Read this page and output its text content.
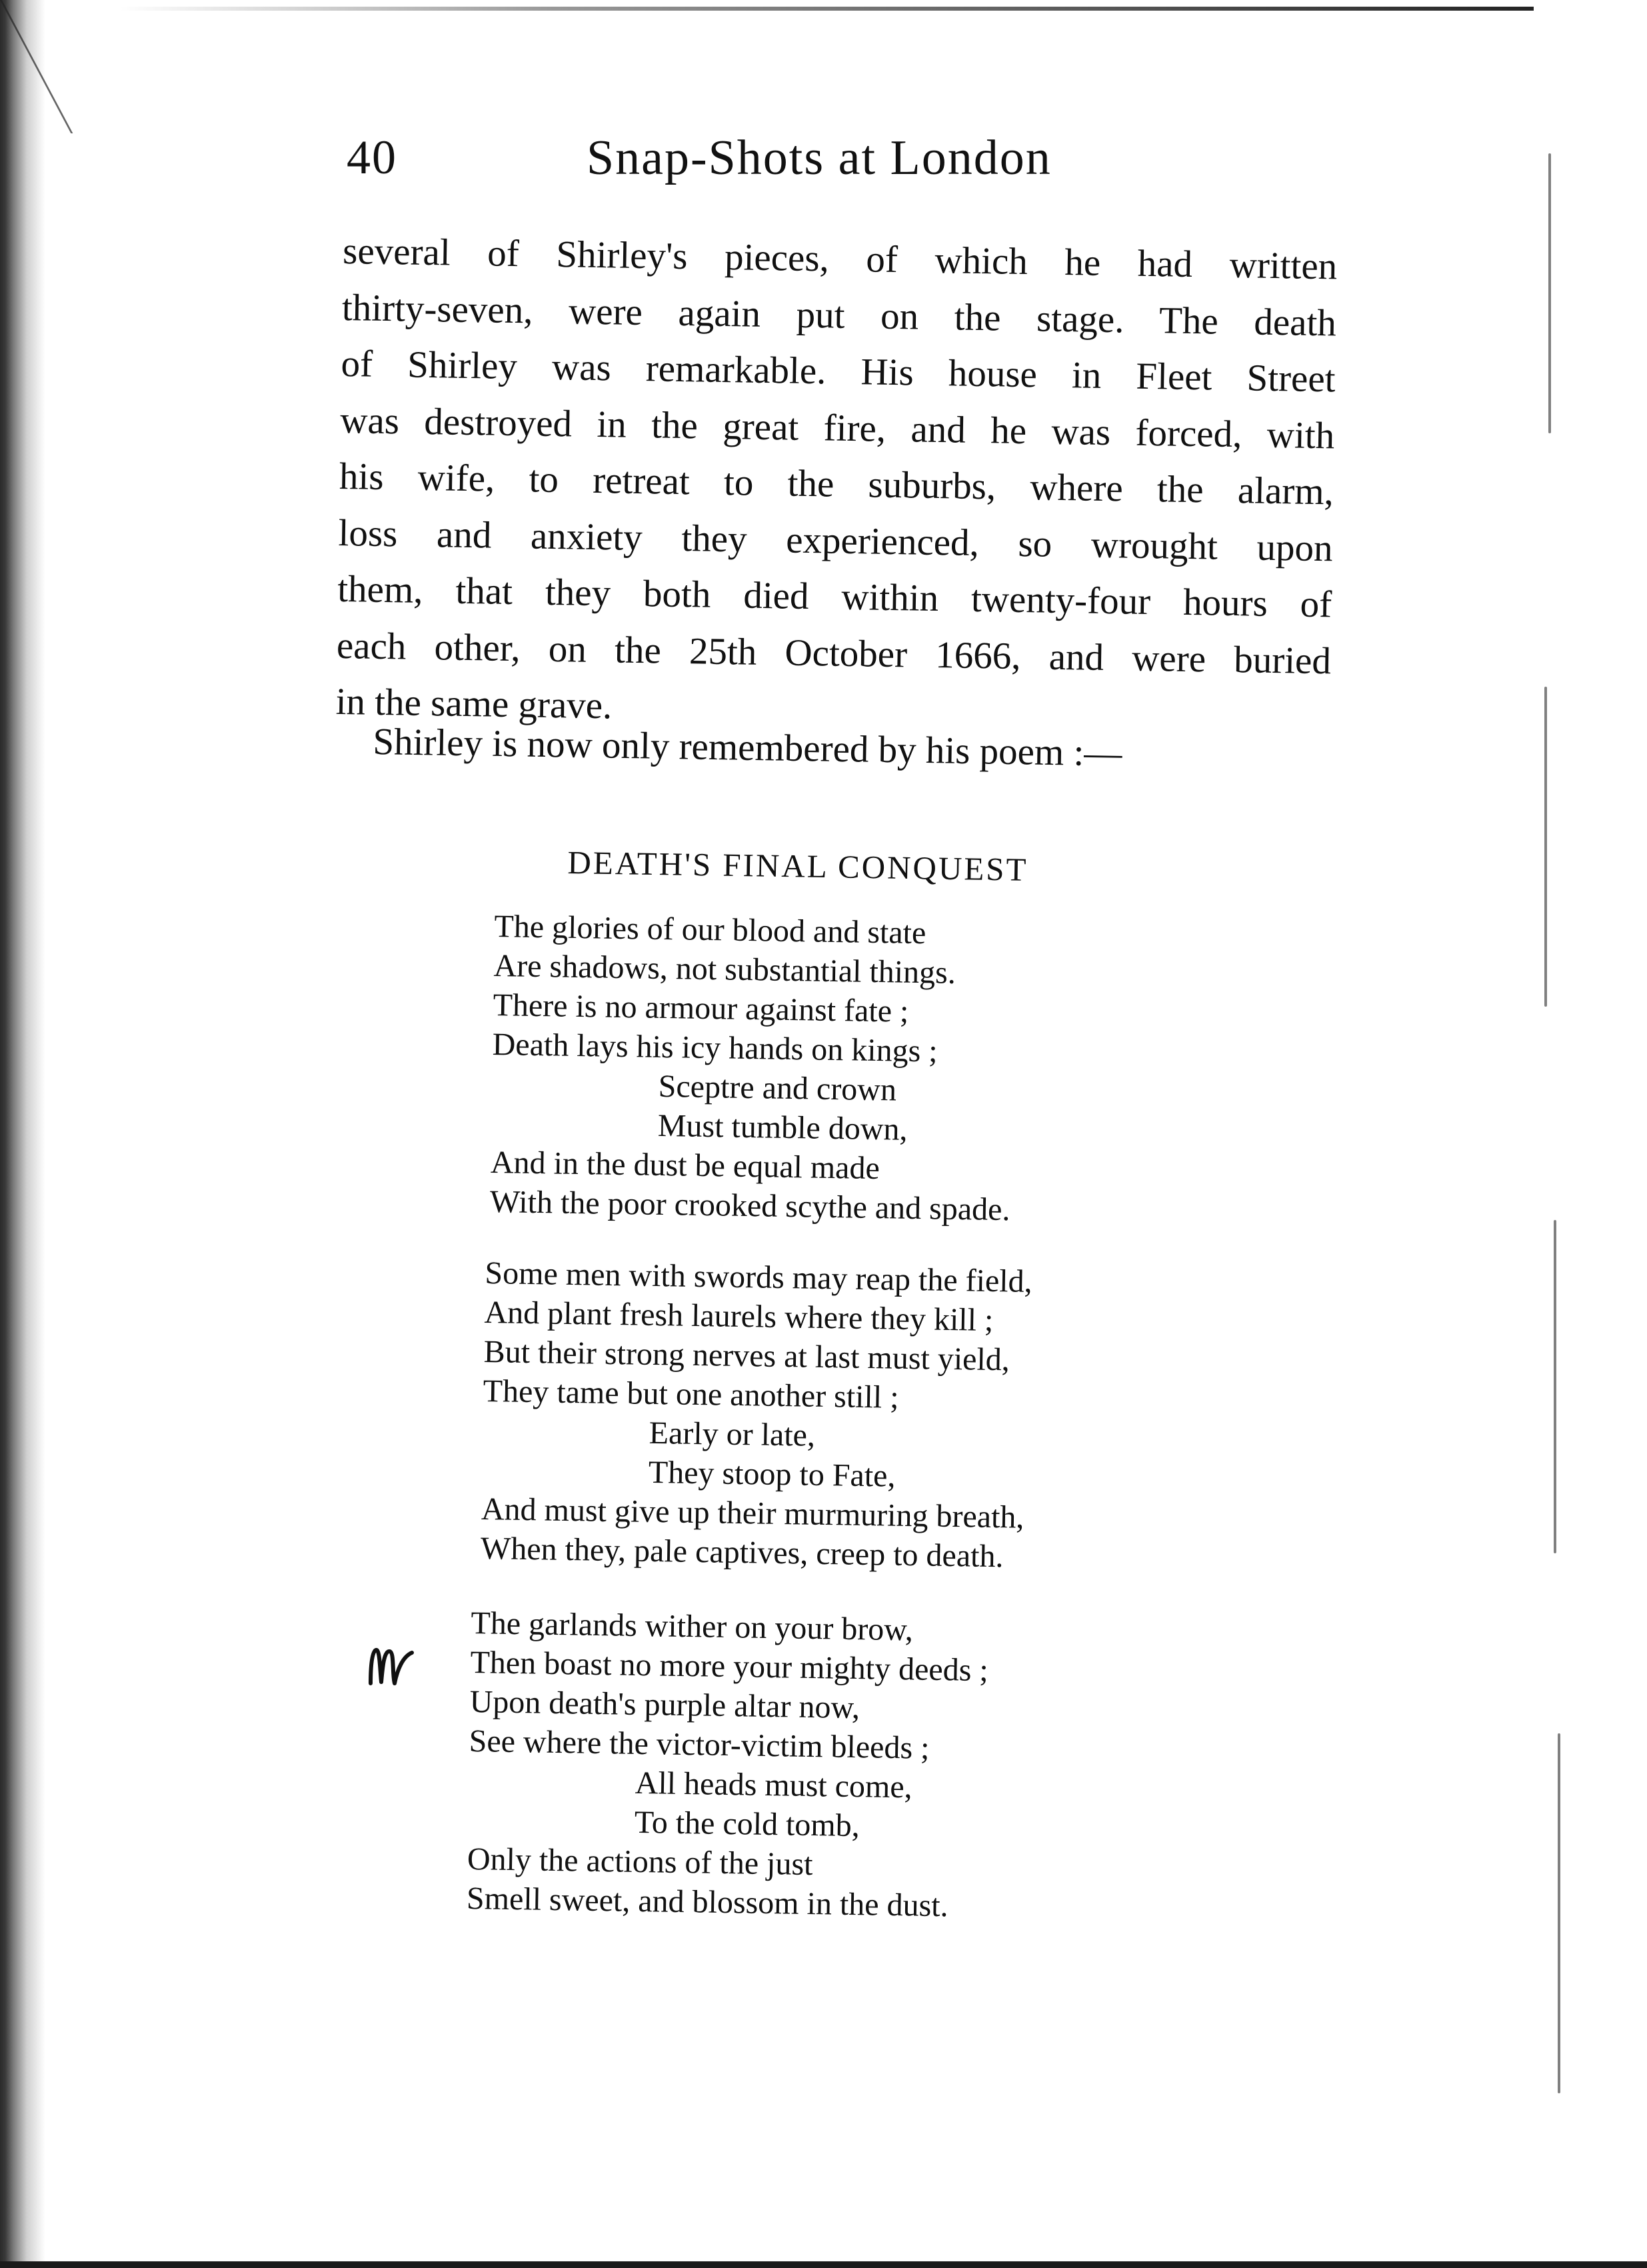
40	Snap-Shots at London
several of Shirley's pieces, of which he had written
thirty-seven, were again put on the stage. The death
of Shirley was remarkable. His house in Fleet Street
was destroyed in the great fire, and he was forced, with
his wife, to retreat to the suburbs, where the alarm,
loss and anxiety they experienced, so wrought upon
them, that they both died within twenty-four hours of
each other, on the 25th October 1666, and were buried
in the same grave.
Shirley is now only remembered by his poem :—
DEATH'S FINAL CONQUEST
The glories of our blood and state
Are shadows, not substantial things.
There is no armour against fate ;
Death lays his icy hands on kings ;
Sceptre and crown
Must tumble down,
And in the dust be equal made
With the poor crooked scythe and spade.
Some men with swords may reap the field,
And plant fresh laurels where they kill ;
But their strong nerves at last must yield,
They tame but one another still ;
Early or late,
They stoop to Fate,
And must give up their murmuring breath,
When they, pale captives, creep to death.
The garlands wither on your brow,
Then boast no more your mighty deeds ;
Upon death's purple altar now,
See where the victor-victim bleeds ;
All heads must come,
To the cold tomb,
Only the actions of the just
Smell sweet, and blossom in the dust.
